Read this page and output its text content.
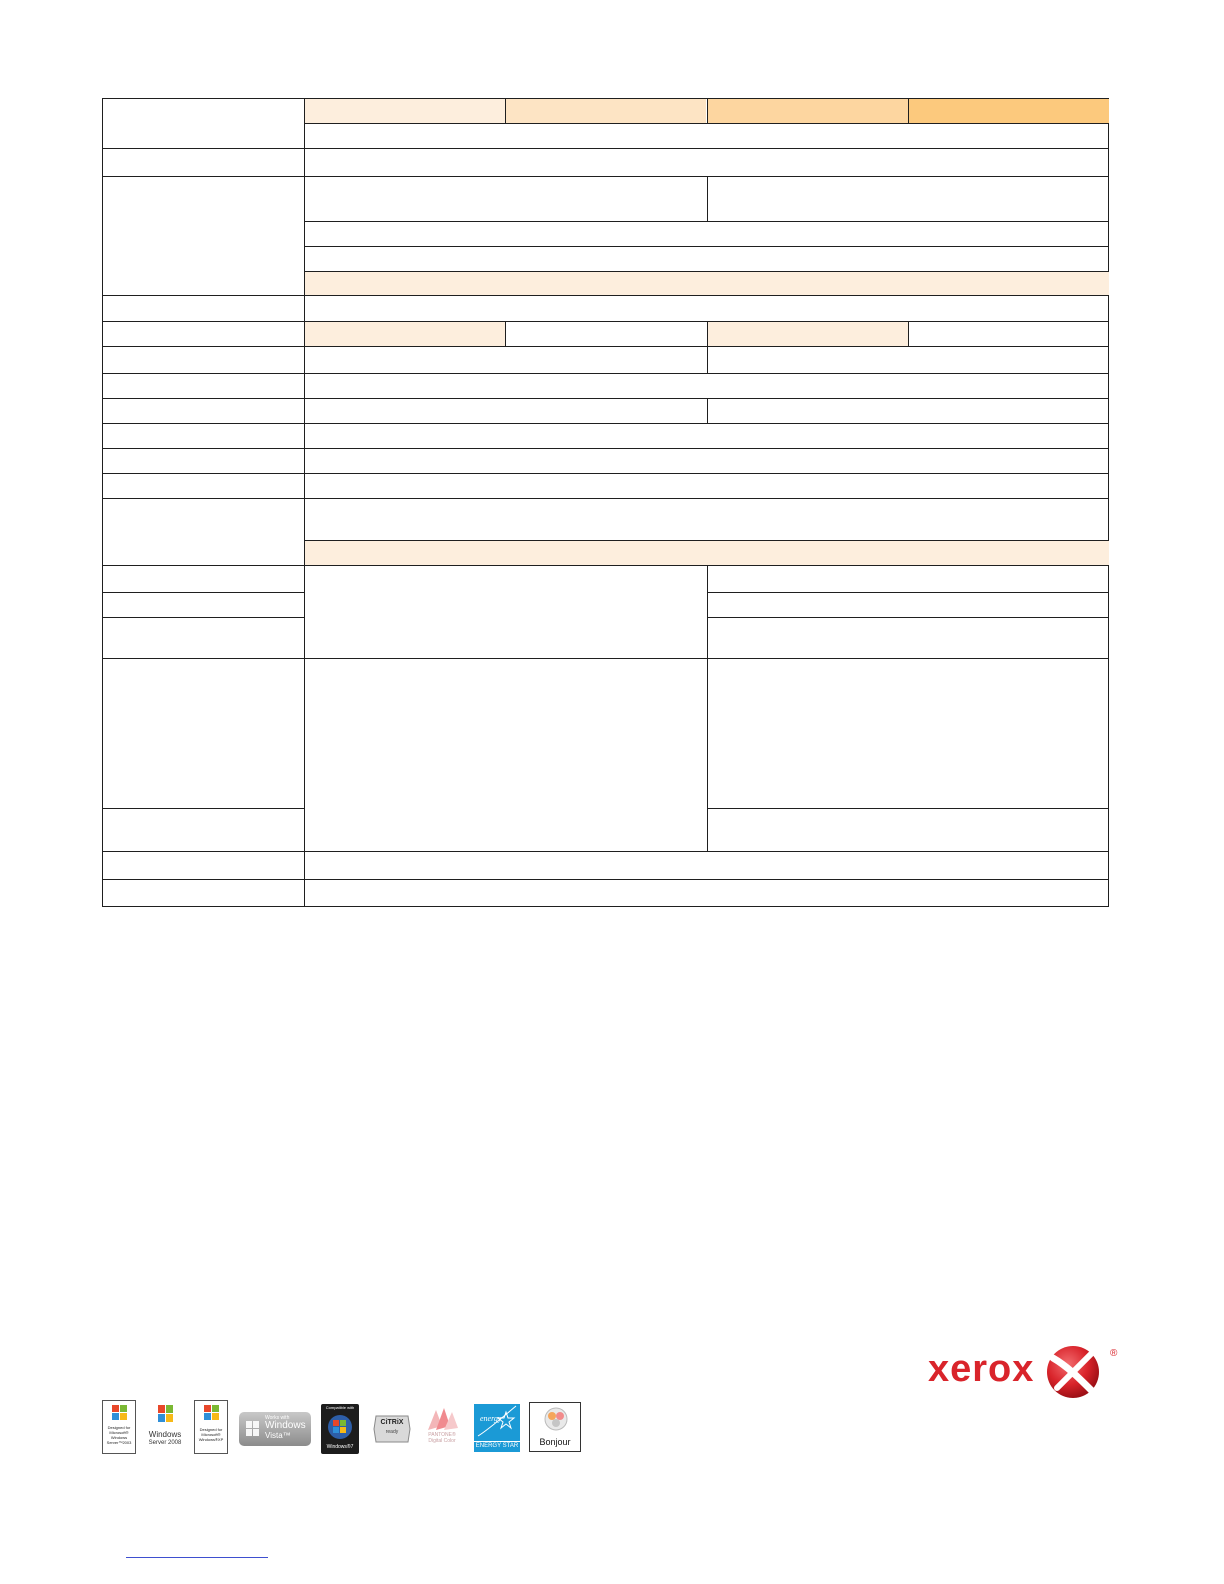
xerox	®
Designed for
Microsoft®
Windows
Server™2003
Windows
Server 2008
Designed for
Microsoft®
Windows®XP
Works with
Windows
Vista™
Compatible with
Windows®7
CiTRiX
ready	PANTONE®
Digital Color
energy
ENERGY STAR	Bonjour
